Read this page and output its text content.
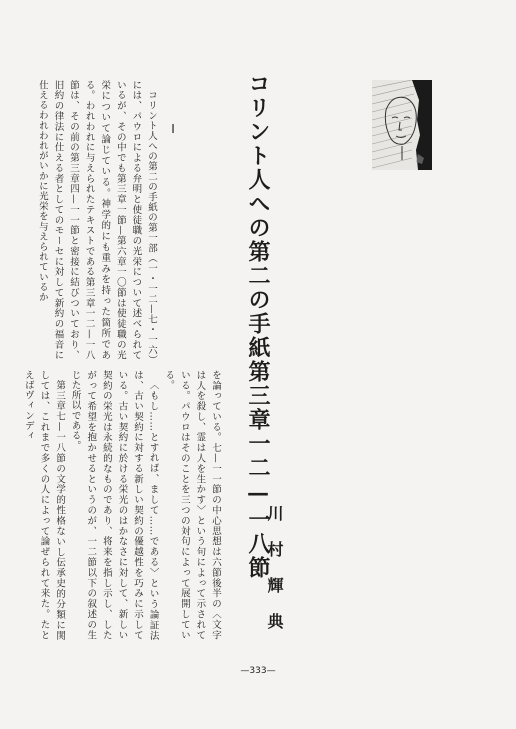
コリント人への第二の手紙第三章一二—一八節
川村輝典
I

コリント人への第二の手紙の第一部（一・一二—七・一六）には、パウロによる弁明と使徒職の光栄について述べられているが、その中でも第三章一節—第六章一〇節は使徒職の光栄について論じている。神学的にも重みを持った箇所である。われわれに与えられたテキストである第三章一二—一八節は、その前の第三章四—一一節と密接に結びついており、旧約の律法に仕える者としてのモーセに対して新約の福音に仕えるわれわれがいかに光栄を与えられているか

を論っている。七—一一節の中心思想は六節後半の〈文字は人を殺し、霊は人を生かす〉という句によって示されている。パウロはそのことを三つの対句によって展開している。

〈もし……とすれば、まして……である〉という論証法は、古い契約に対する新しい契約の優越性を巧みに示している。古い契約に於ける栄光のはかなさに対して、新しい契約の栄光は永続的なものであり、将来を指し示し、したがって希望を抱かせるというのが、一二節以下の叙述の生じた所以である。

第三章七—一八節の文学的性格ないし伝承史的分類に関しては、これまで多くの人によって論ぜられて来た。たとえばヴィンディ

—333—
